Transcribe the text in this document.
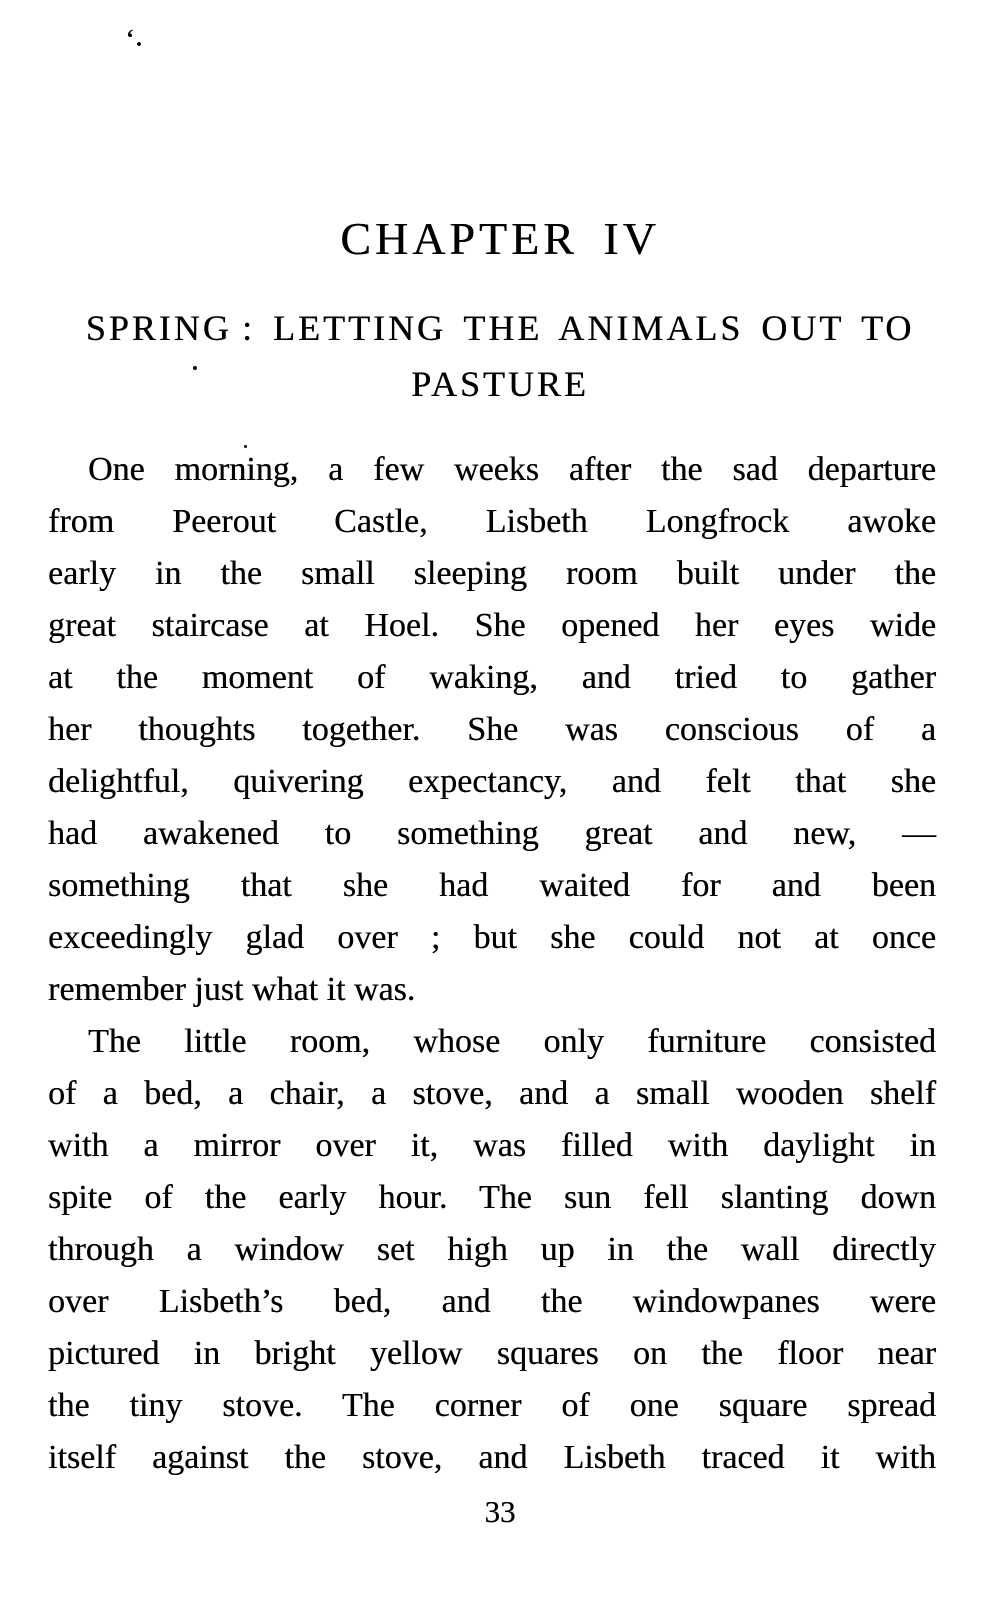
‘.
CHAPTER IV
SPRING : LETTING THE ANIMALS OUT TO
PASTURE
One morning, a few weeks after the sad departure
from Peerout Castle, Lisbeth Longfrock awoke
early in the small sleeping room built under the
great staircase at Hoel. She opened her eyes wide
at the moment of waking, and tried to gather
her thoughts together. She was conscious of a
delightful, quivering expectancy, and felt that she
had awakened to something great and new, —
something that she had waited for and been
exceedingly glad over ; but she could not at once
remember just what it was.
The little room, whose only furniture consisted
of a bed, a chair, a stove, and a small wooden shelf
with a mirror over it, was filled with daylight in
spite of the early hour. The sun fell slanting down
through a window set high up in the wall directly
over Lisbeth’s bed, and the windowpanes were
pictured in bright yellow squares on the floor near
the tiny stove. The corner of one square spread
itself against the stove, and Lisbeth traced it with
33
